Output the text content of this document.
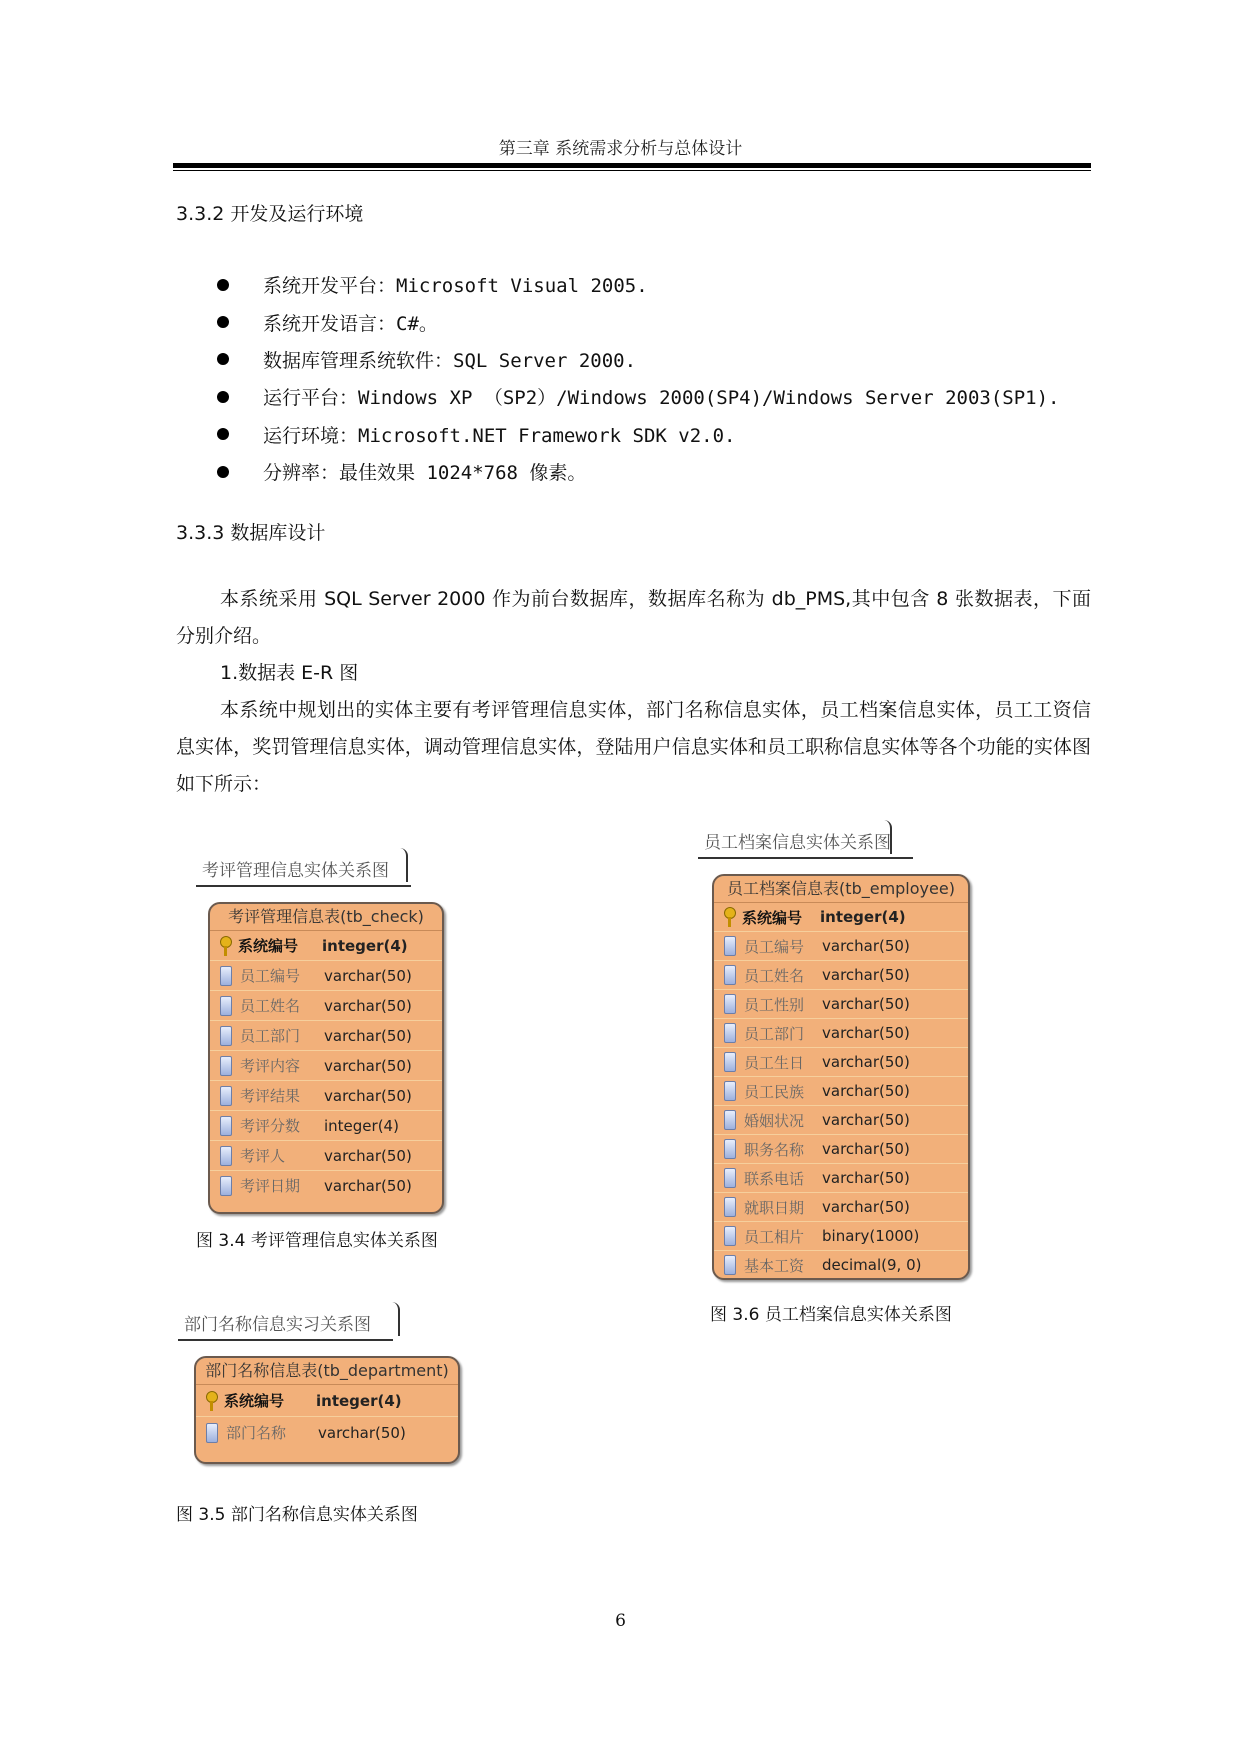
第三章 系统需求分析与总体设计
3.3.2 开发及运行环境
系统开发平台：Microsoft Visual 2005.
系统开发语言：C#。
数据库管理系统软件：SQL Server 2000.
运行平台：Windows XP （SP2）/Windows 2000(SP4)/Windows Server 2003(SP1).
运行环境：Microsoft.NET Framework SDK v2.0.
分辨率：最佳效果 1024*768 像素。
3.3.3 数据库设计
本系统采用 SQL Server 2000 作为前台数据库，数据库名称为 db_PMS,其中包含 8 张数据表，下面分别介绍。
1.数据表 E-R 图
本系统中规划出的实体主要有考评管理信息实体，部门名称信息实体，员工档案信息实体，员工工资信息实体，奖罚管理信息实体，调动管理信息实体，登陆用户信息实体和员工职称信息实体等各个功能的实体图如下所示：
考评管理信息实体关系图
考评管理信息表(tb_check)
系统编号	integer(4)
员工编号	varchar(50)
员工姓名	varchar(50)
员工部门	varchar(50)
考评内容	varchar(50)
考评结果	varchar(50)
考评分数	integer(4)
考评人	varchar(50)
考评日期	varchar(50)
图 3.4 考评管理信息实体关系图
员工档案信息实体关系图
员工档案信息表(tb_employee)
系统编号	integer(4)
员工编号	varchar(50)
员工姓名	varchar(50)
员工性别	varchar(50)
员工部门	varchar(50)
员工生日	varchar(50)
员工民族	varchar(50)
婚姻状况	varchar(50)
职务名称	varchar(50)
联系电话	varchar(50)
就职日期	varchar(50)
员工相片	binary(1000)
基本工资	decimal(9, 0)
图 3.6 员工档案信息实体关系图
部门名称信息实习关系图
部门名称信息表(tb_department)
系统编号	integer(4)
部门名称	varchar(50)
图 3.5 部门名称信息实体关系图
6
